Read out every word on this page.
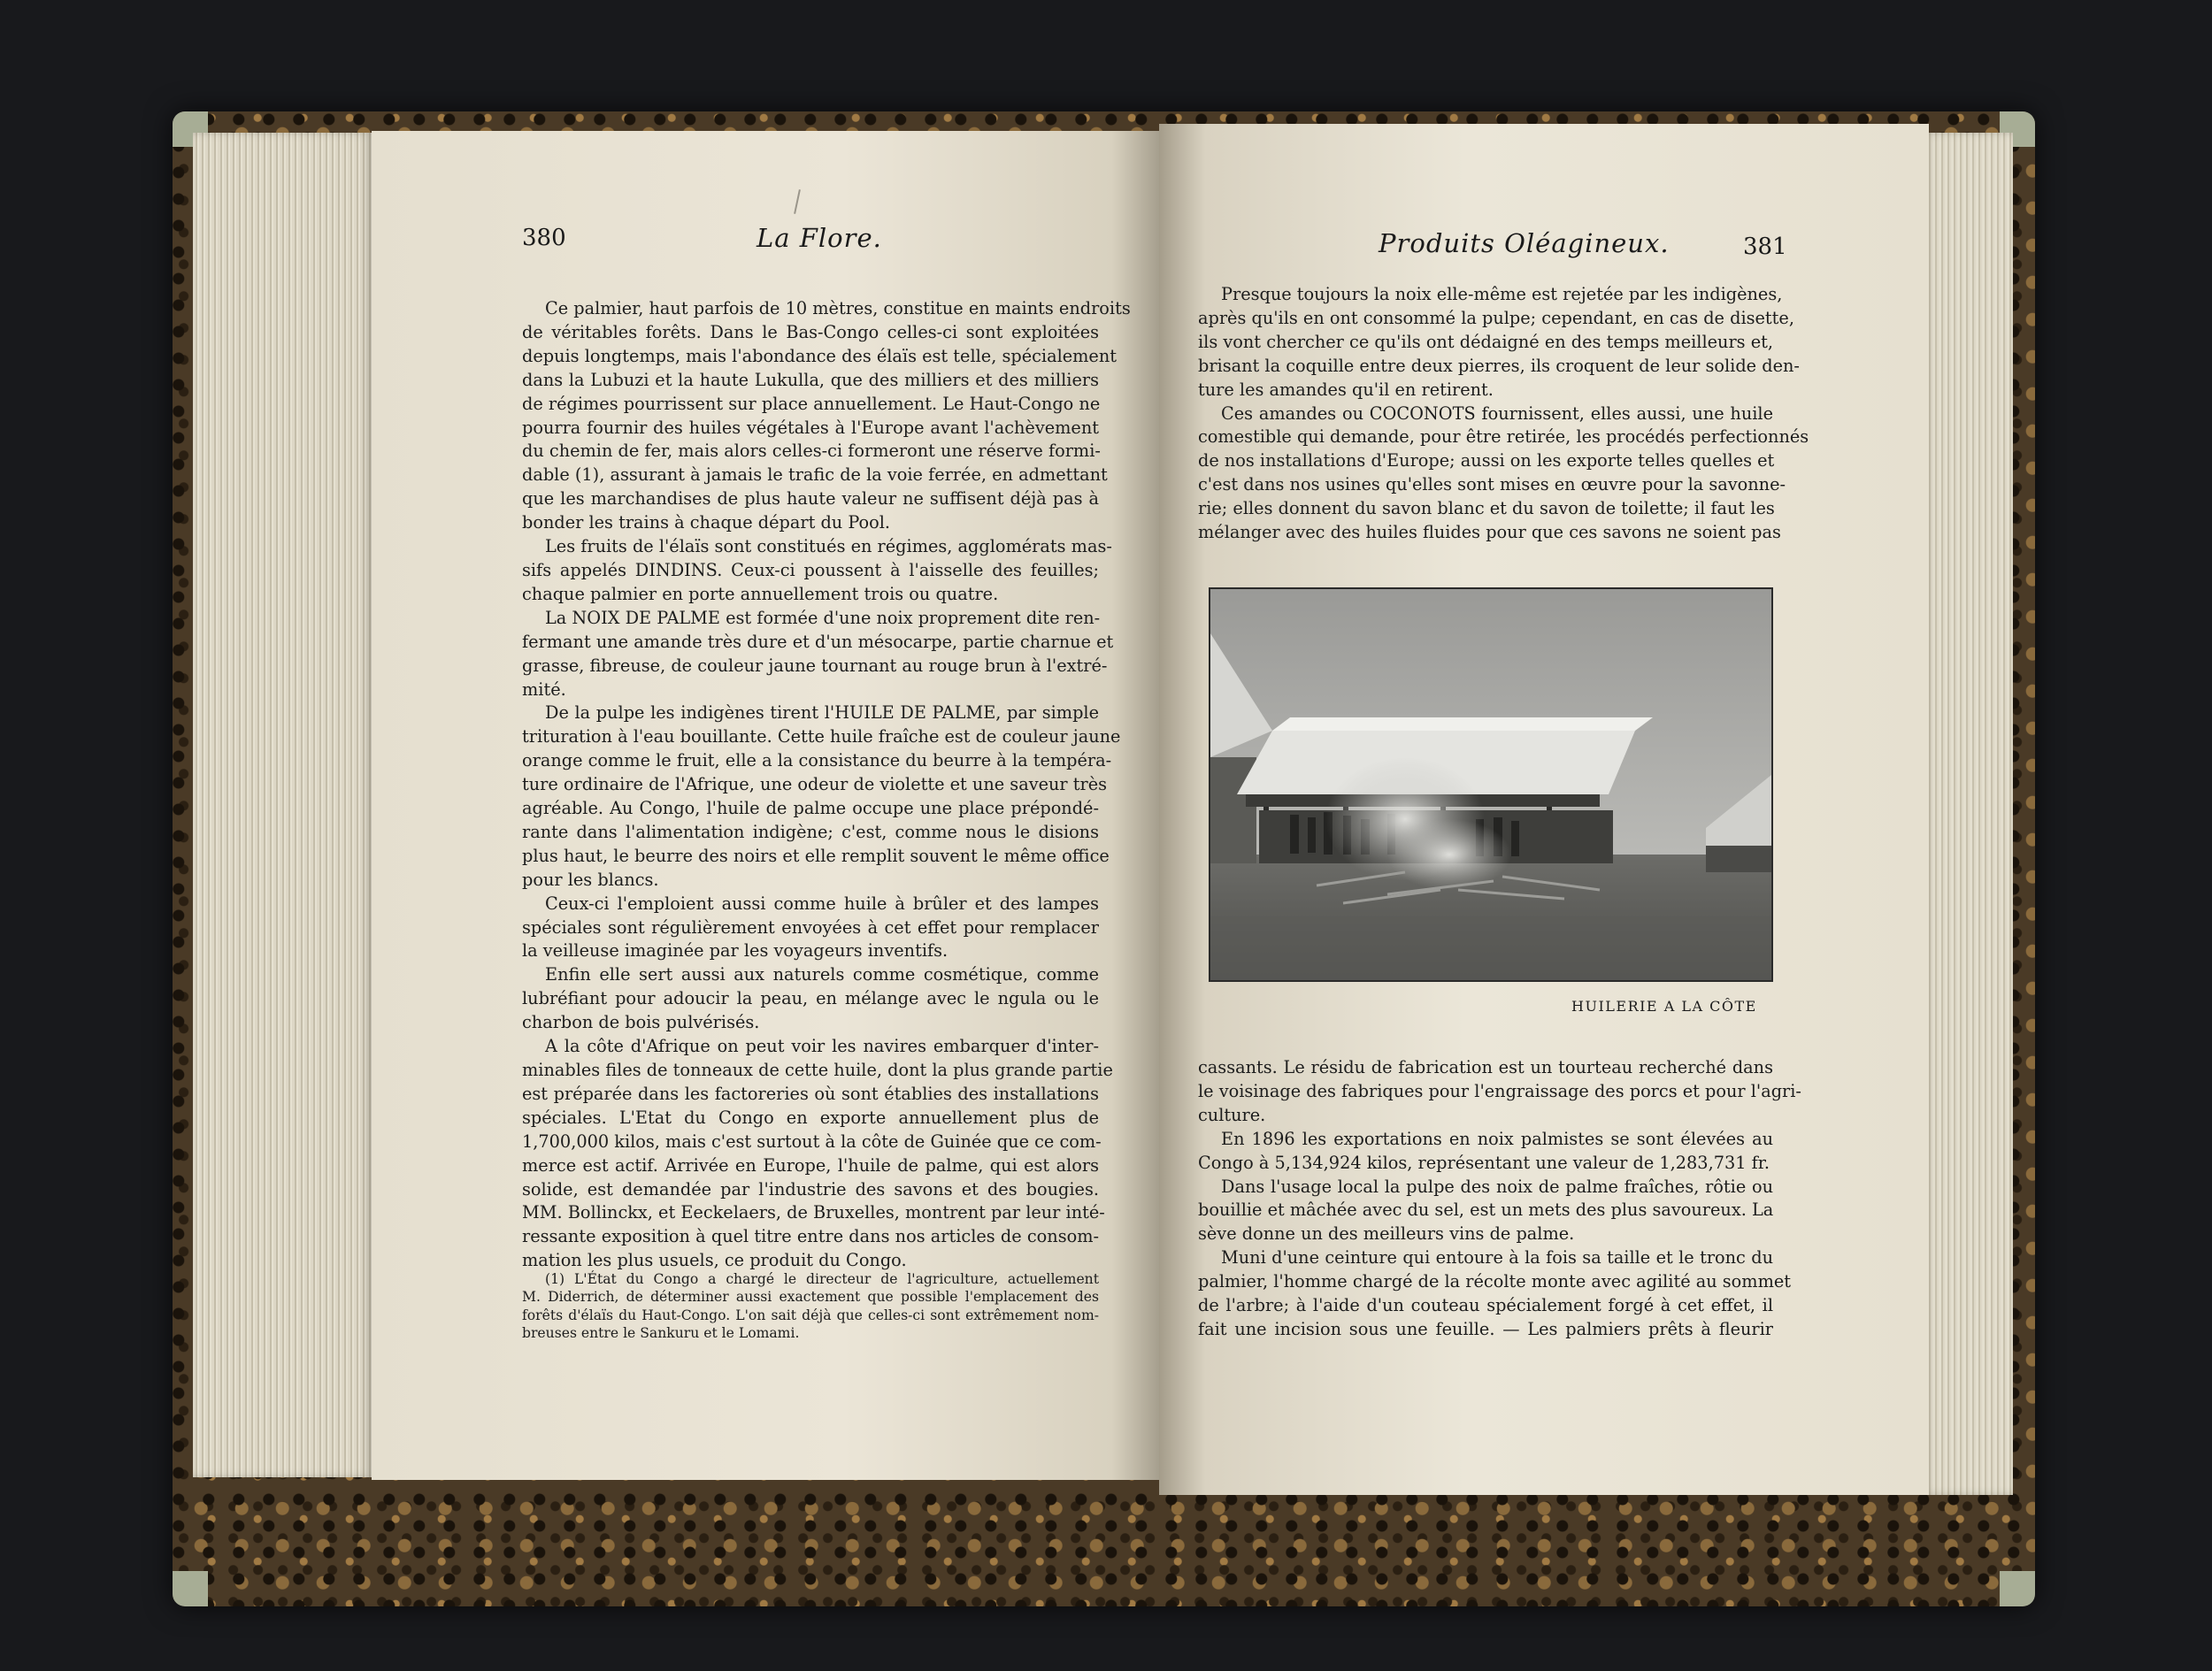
380	La Flore.

Ce palmier, haut parfois de 10 mètres, constitue en maints endroits

de véritables forêts. Dans le Bas-Congo celles-ci sont exploitées

depuis longtemps, mais l'abondance des élaïs est telle, spécialement

dans la Lubuzi et la haute Lukulla, que des milliers et des milliers

de régimes pourrissent sur place annuellement. Le Haut-Congo ne

pourra fournir des huiles végétales à l'Europe avant l'achèvement

du chemin de fer, mais alors celles-ci formeront une réserve formi-

dable (1), assurant à jamais le trafic de la voie ferrée, en admettant

que les marchandises de plus haute valeur ne suffisent déjà pas à

bonder les trains à chaque départ du Pool.

Les fruits de l'élaïs sont constitués en régimes, agglomérats mas-

sifs appelés DINDINS. Ceux-ci poussent à l'aisselle des feuilles;

chaque palmier en porte annuellement trois ou quatre.

La NOIX DE PALME est formée d'une noix proprement dite ren-

fermant une amande très dure et d'un mésocarpe, partie charnue et

grasse, fibreuse, de couleur jaune tournant au rouge brun à l'extré-

mité.

De la pulpe les indigènes tirent l'HUILE DE PALME, par simple

trituration à l'eau bouillante. Cette huile fraîche est de couleur jaune

orange comme le fruit, elle a la consistance du beurre à la tempéra-

ture ordinaire de l'Afrique, une odeur de violette et une saveur très

agréable. Au Congo, l'huile de palme occupe une place prépondé-

rante dans l'alimentation indigène; c'est, comme nous le disions

plus haut, le beurre des noirs et elle remplit souvent le même office

pour les blancs.

Ceux-ci l'emploient aussi comme huile à brûler et des lampes

spéciales sont régulièrement envoyées à cet effet pour remplacer

la veilleuse imaginée par les voyageurs inventifs.

Enfin elle sert aussi aux naturels comme cosmétique, comme

lubréfiant pour adoucir la peau, en mélange avec le ngula ou le

charbon de bois pulvérisés.

A la côte d'Afrique on peut voir les navires embarquer d'inter-

minables files de tonneaux de cette huile, dont la plus grande partie

est préparée dans les factoreries où sont établies des installations

spéciales. L'Etat du Congo en exporte annuellement plus de

1,700,000 kilos, mais c'est surtout à la côte de Guinée que ce com-

merce est actif. Arrivée en Europe, l'huile de palme, qui est alors

solide, est demandée par l'industrie des savons et des bougies.

MM. Bollinckx, et Eeckelaers, de Bruxelles, montrent par leur inté-

ressante exposition à quel titre entre dans nos articles de consom-

mation les plus usuels, ce produit du Congo.

(1) L'État du Congo a chargé le directeur de l'agriculture, actuellement

M. Diderrich, de déterminer aussi exactement que possible l'emplacement des

forêts d'élaïs du Haut-Congo. L'on sait déjà que celles-ci sont extrêmement nom-

breuses entre le Sankuru et le Lomami.

Produits Oléagineux.	381

Presque toujours la noix elle-même est rejetée par les indigènes,

après qu'ils en ont consommé la pulpe; cependant, en cas de disette,

ils vont chercher ce qu'ils ont dédaigné en des temps meilleurs et,

brisant la coquille entre deux pierres, ils croquent de leur solide den-

ture les amandes qu'il en retirent.

Ces amandes ou COCONOTS fournissent, elles aussi, une huile

comestible qui demande, pour être retirée, les procédés perfectionnés

de nos installations d'Europe; aussi on les exporte telles quelles et

c'est dans nos usines qu'elles sont mises en œuvre pour la savonne-

rie; elles donnent du savon blanc et du savon de toilette; il faut les

mélanger avec des huiles fluides pour que ces savons ne soient pas

HUILERIE A LA CÔTE

cassants. Le résidu de fabrication est un tourteau recherché dans

le voisinage des fabriques pour l'engraissage des porcs et pour l'agri-

culture.

En 1896 les exportations en noix palmistes se sont élevées au

Congo à 5,134,924 kilos, représentant une valeur de 1,283,731 fr.

Dans l'usage local la pulpe des noix de palme fraîches, rôtie ou

bouillie et mâchée avec du sel, est un mets des plus savoureux. La

sève donne un des meilleurs vins de palme.

Muni d'une ceinture qui entoure à la fois sa taille et le tronc du

palmier, l'homme chargé de la récolte monte avec agilité au sommet

de l'arbre; à l'aide d'un couteau spécialement forgé à cet effet, il

fait une incision sous une feuille. — Les palmiers prêts à fleurir
